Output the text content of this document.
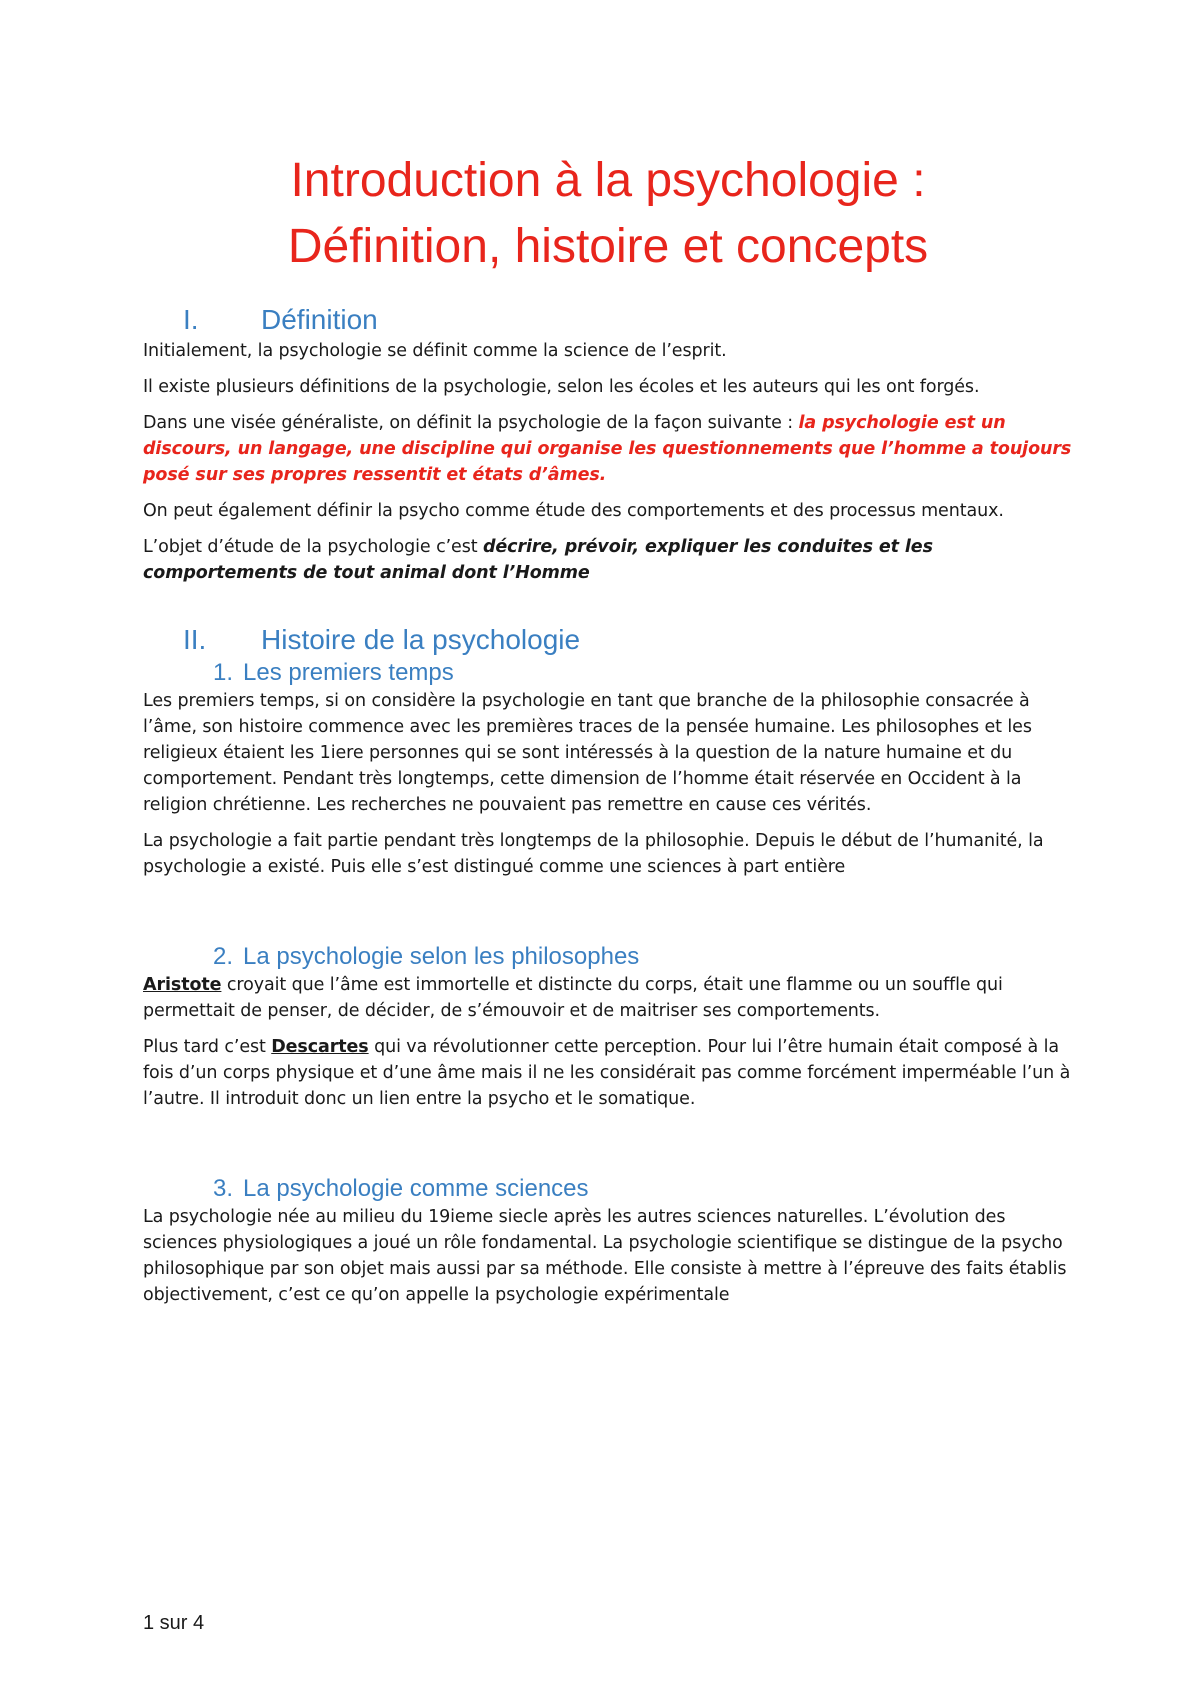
Introduction à la psychologie :
Définition, histoire et concepts
I.	Définition

Initialement, la psychologie se définit comme la science de l’esprit.

Il existe plusieurs définitions de la psychologie, selon les écoles et les auteurs qui les ont forgés.

Dans une visée généraliste, on définit la psychologie de la façon suivante : la psychologie est un discours, un langage, une discipline qui organise les questionnements que l’homme a toujours posé sur ses propres ressentit et états d’âmes.

On peut également définir la psycho comme étude des comportements et des processus mentaux.

L’objet d’étude de la psychologie c’est décrire, prévoir, expliquer les conduites et les comportements de tout animal dont l’Homme

II.	Histoire de la psychologie
1. Les premiers temps

Les premiers temps, si on considère la psychologie en tant que branche de la philosophie consacrée à l’âme, son histoire commence avec les premières traces de la pensée humaine. Les philosophes et les religieux étaient les 1iere personnes qui se sont intéressés à la question de la nature humaine et du comportement. Pendant très longtemps, cette dimension de l’homme était réservée en Occident à la religion chrétienne. Les recherches ne pouvaient pas remettre en cause ces vérités.

La psychologie a fait partie pendant très longtemps de la philosophie. Depuis le début de l’humanité, la psychologie a existé. Puis elle s’est distingué comme une sciences à part entière

2. La psychologie selon les philosophes

Aristote croyait que l’âme est immortelle et distincte du corps, était une flamme ou un souffle qui permettait de penser, de décider, de s’émouvoir et de maitriser ses comportements.

Plus tard c’est Descartes qui va révolutionner cette perception. Pour lui l’être humain était composé à la fois d’un corps physique et d’une âme mais il ne les considérait pas comme forcément imperméable l’un à l’autre. Il introduit donc un lien entre la psycho et le somatique.

3. La psychologie comme sciences

La psychologie née au milieu du 19ieme siecle après les autres sciences naturelles. L’évolution des sciences physiologiques a joué un rôle fondamental. La psychologie scientifique se distingue de la psycho philosophique par son objet mais aussi par sa méthode. Elle consiste à mettre à l’épreuve des faits établis objectivement, c’est ce qu’on appelle la psychologie expérimentale

1 sur 4
